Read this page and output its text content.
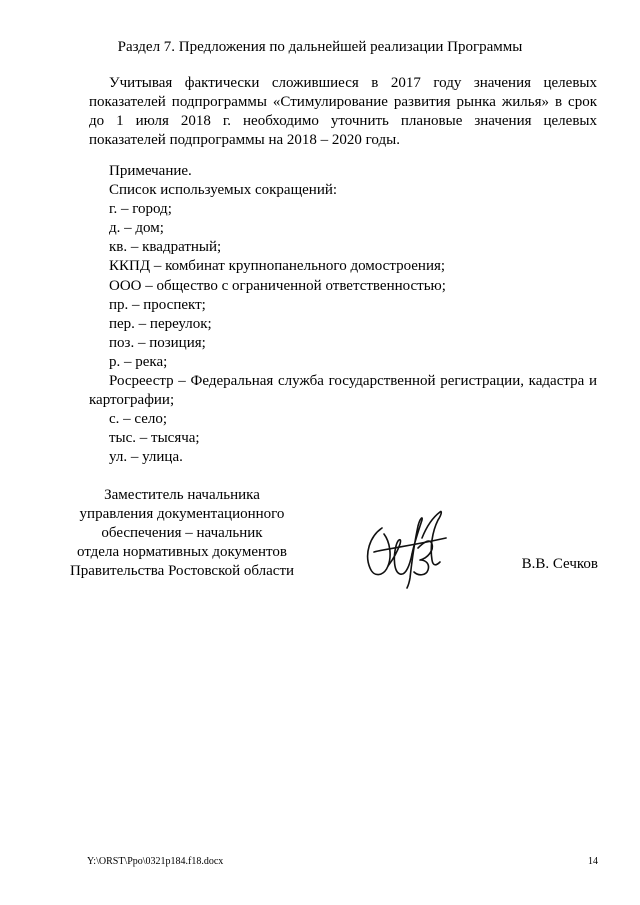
Раздел 7. Предложения по дальнейшей реализации Программы

Учитывая фактически сложившиеся в 2017 году значения целевых показателей подпрограммы «Стимулирование развития рынка жилья» в срок до 1 июля 2018 г. необходимо уточнить плановые значения целевых показателей подпрограммы на 2018 – 2020 годы.

Примечание.
Список используемых сокращений:
г. – город;
д. – дом;
кв. – квадратный;
ККПД – комбинат крупнопанельного домостроения;
ООО – общество с ограниченной ответственностью;
пр. – проспект;
пер. – переулок;
поз. – позиция;
р. – река;
Росреестр – Федеральная служба государственной регистрации, кадастра и картографии;
с. – село;
тыс. – тысяча;
ул. – улица.
Заместитель начальника
управления документационного
обеспечения – начальник
отдела нормативных документов
Правительства Ростовской области	В.В. Сечков
Y:\ORST\Ppo\0321p184.f18.docx	14
